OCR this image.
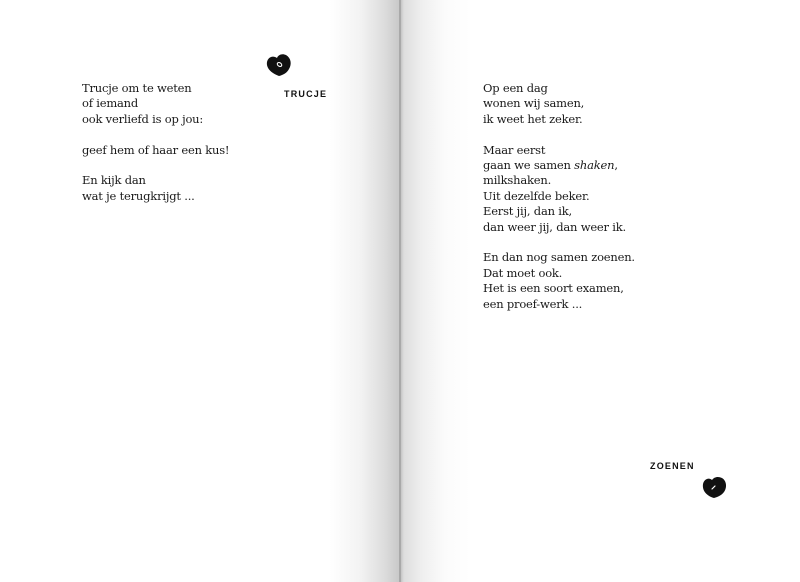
TRUCJE
Trucje om te weten
of iemand
ook verliefd is op jou:
geef hem of haar een kus!
En kijk dan
wat je terugkrijgt ...
Op een dag
wonen wij samen,
ik weet het zeker.
Maar eerst
gaan we samen shaken,
milkshaken.
Uit dezelfde beker.
Eerst jij, dan ik,
dan weer jij, dan weer ik.
En dan nog samen zoenen.
Dat moet ook.
Het is een soort examen,
een proef-werk ...
ZOENEN
